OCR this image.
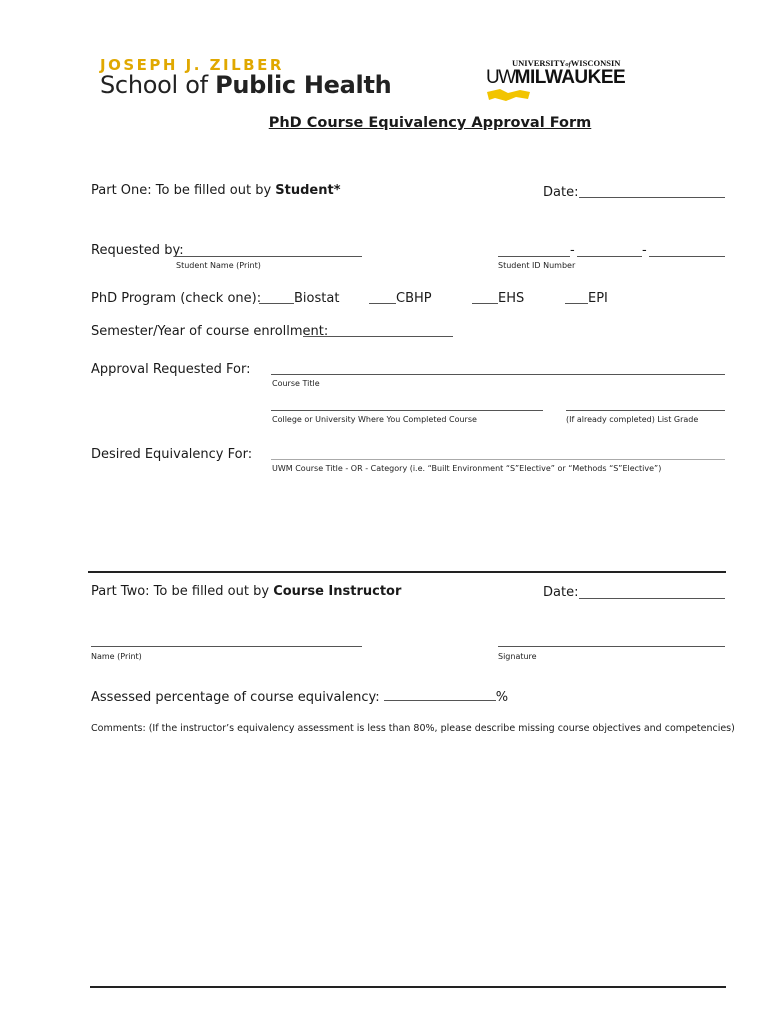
JOSEPH J. ZILBER
School of Public Health
UNIVERSITYofWISCONSIN
UWMILWAUKEE
PhD Course Equivalency Approval Form
Part One: To be filled out by Student*	Date:
Requested by:
Student Name (Print)
-	-
Student ID Number
PhD Program (check one):	Biostat	CBHP	EHS	EPI
Semester/Year of course enrollment:
Approval Requested For:
Course Title
College or University Where You Completed Course	(If already completed) List Grade
Desired Equivalency For:
UWM Course Title - OR - Category (i.e. “Built Environment “S”Elective” or “Methods “S”Elective”)
Part Two: To be filled out by Course Instructor	Date:
Name (Print)	Signature
Assessed percentage of course equivalency:	%
Comments: (If the instructor’s equivalency assessment is less than 80%, please describe missing course objectives and competencies)
